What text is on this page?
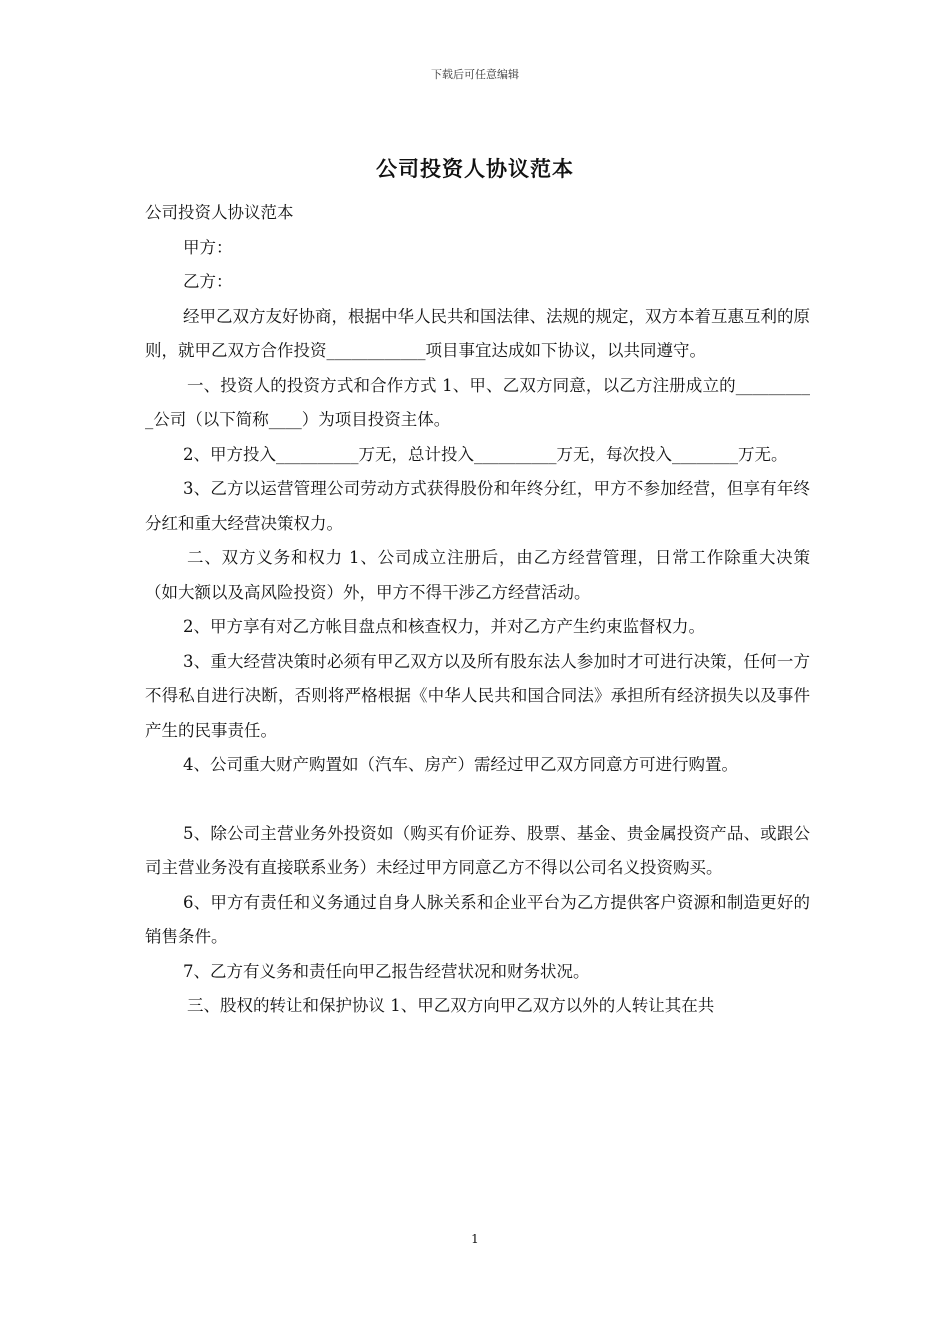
下载后可任意编辑
公司投资人协议范本

公司投资人协议范本

甲方：

乙方：

经甲乙双方友好协商，根据中华人民共和国法律、法规的规定，双方本着互惠互利的原则，就甲乙双方合作投资____________项目事宜达成如下协议，以共同遵守。

一、投资人的投资方式和合作方式 1、甲、乙双方同意，以乙方注册成立的__________公司（以下简称____）为项目投资主体。

2、甲方投入__________万无，总计投入__________万无，每次投入________万无。

3、乙方以运营管理公司劳动方式获得股份和年终分红，甲方不参加经营，但享有年终分红和重大经营决策权力。

二、双方义务和权力 1、公司成立注册后，由乙方经营管理，日常工作除重大决策（如大额以及高风险投资）外，甲方不得干涉乙方经营活动。

2、甲方享有对乙方帐目盘点和核查权力，并对乙方产生约束监督权力。

3、重大经营决策时必须有甲乙双方以及所有股东法人参加时才可进行决策，任何一方不得私自进行决断，否则将严格根据《中华人民共和国合同法》承担所有经济损失以及事件产生的民事责任。

4、公司重大财产购置如（汽车、房产）需经过甲乙双方同意方可进行购置。

5、除公司主营业务外投资如（购买有价证券、股票、基金、贵金属投资产品、或跟公司主营业务没有直接联系业务）未经过甲方同意乙方不得以公司名义投资购买。

6、甲方有责任和义务通过自身人脉关系和企业平台为乙方提供客户资源和制造更好的销售条件。

7、乙方有义务和责任向甲乙报告经营状况和财务状况。

三、股权的转让和保护协议 1、甲乙双方向甲乙双方以外的人转让其在共

1
